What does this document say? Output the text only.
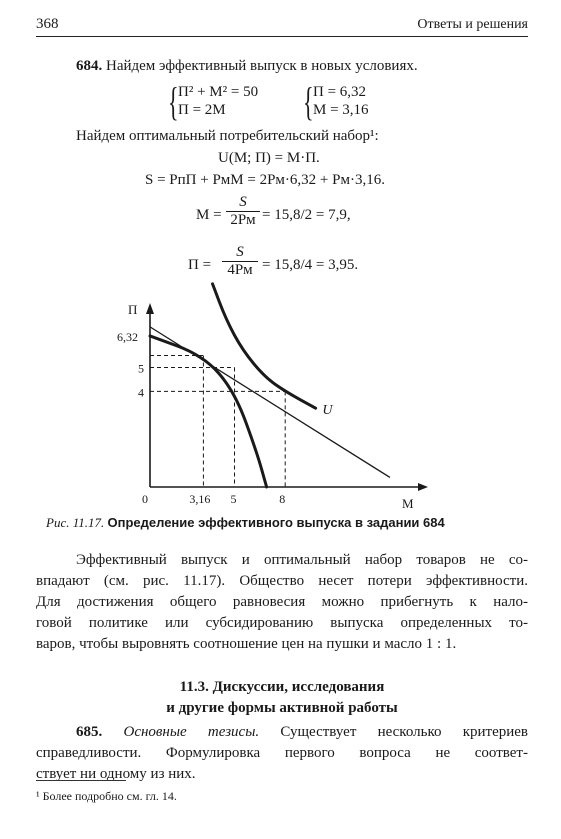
368	Ответы и решения
684. Найдем эффективный выпуск в новых условиях.
{ П² + М² = 50
П = 2М { П = 6,32
М = 3,16
Найдем оптимальный потребительский набор¹:
U(М; П) = М·П.
S = PпП + PмМ = 2Pм·6,32 + Pм·3,16.
М =
S
2Pм = 15,8/2 = 7,9,
П =
S
4Pм = 15,8/4 = 3,95.
П
М
0	3,16 5	8
6,32
5
4
U
Рис. 11.17. Определение эффективного выпуска в задании 684
Эффективный выпуск и оптимальный набор товаров не со-
впадают (см. рис. 11.17). Общество несет потери эффективности.
Для достижения общего равновесия можно прибегнуть к нало-
говой политике или субсидированию выпуска определенных то-
варов, чтобы выровнять соотношение цен на пушки и масло 1 : 1.
11.3. Дискуссии, исследования
и другие формы активной работы
685. Основные тезисы. Существует несколько критериев
справедливости. Формулировка первого вопроса не соответ-
ствует ни одному из них.
¹ Более подробно см. гл. 14.
